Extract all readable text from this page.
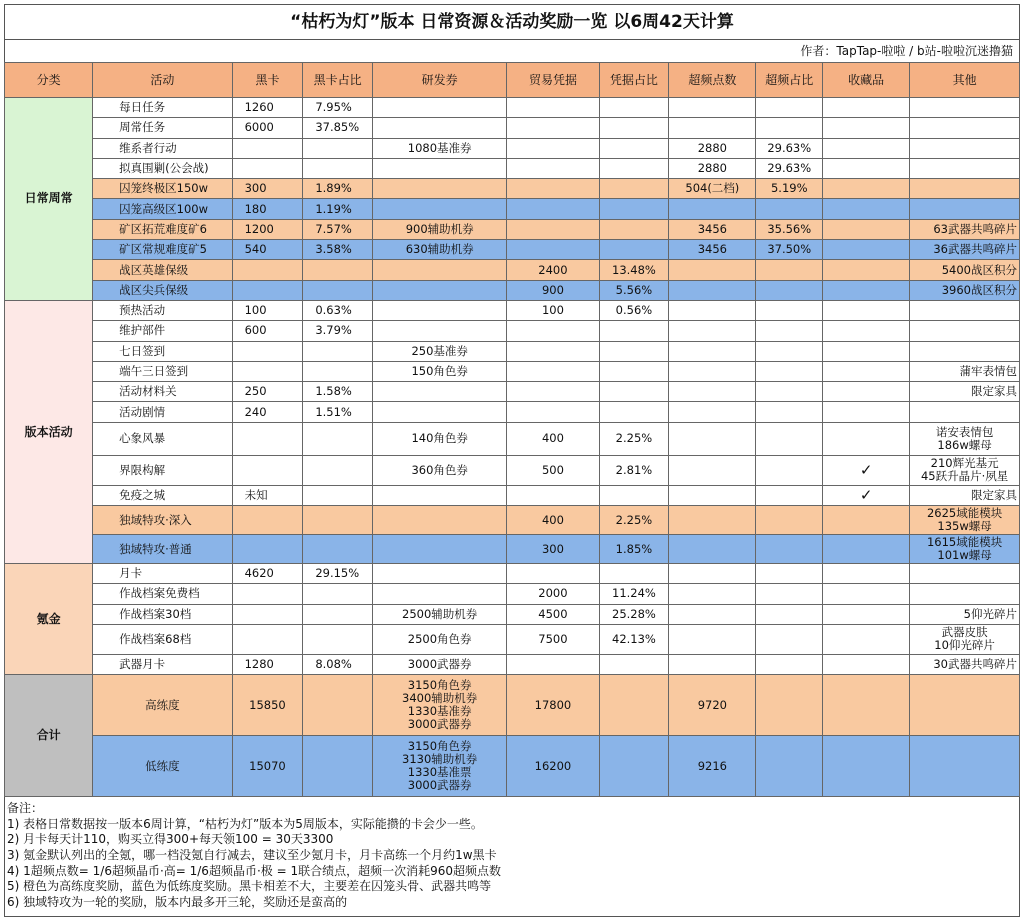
“枯朽为灯”版本 日常资源＆活动奖励一览 以6周42天计算
作者：TapTap-啦啦 / b站-啦啦沉迷撸猫
分类	活动	黑卡	黑卡占比	研发券	贸易凭据	凭据占比	超频点数	超频占比	收藏品	其他
日常周常	每日任务	1260	7.95%							
	周常任务	6000	37.85%							
	维系者行动			1080基准券			2880	29.63%		
	拟真围剿(公会战)						2880	29.63%		
	囚笼终极区150w	300	1.89%				504(二档)	5.19%		
	囚笼高级区100w	180	1.19%							
	矿区拓荒难度矿6	1200	7.57%	900辅助机券			3456	35.56%		63武器共鸣碎片
	矿区常规难度矿5	540	3.58%	630辅助机券			3456	37.50%		36武器共鸣碎片
	战区英雄保级				2400	13.48%				5400战区积分
	战区尖兵保级				900	5.56%				3960战区积分
版本活动	预热活动	100	0.63%		100	0.56%				
	维护部件	600	3.79%							
	七日签到			250基准券						
	端午三日签到			150角色券						蒲牢表情包
	活动材料关	250	1.58%							限定家具
	活动剧情	240	1.51%							
	心象风暴			140角色券	400	2.25%				诺安表情包
186w螺母

	界限构解			360角色券	500	2.81%			✓	210辉光基元
45跃升晶片·夙星

	免疫之城	未知							✓	限定家具
	独域特攻·深入				400	2.25%				2625域能模块
135w螺母

	独域特攻·普通				300	1.85%				1615域能模块
101w螺母

氪金	月卡	4620	29.15%							
	作战档案免费档				2000	11.24%				
	作战档案30档			2500辅助机券	4500	25.28%				5仰光碎片
	作战档案68档			2500角色券	7500	42.13%				武器皮肤
10仰光碎片

	武器月卡	1280	8.08%	3000武器券						30武器共鸣碎片
合计	高练度	15850		3150角色券
3400辅助机券
1330基准券
3000武器券	17800		9720			
	低练度	15070		3150角色券
3130辅助机券
1330基准票
3000武器券	16200		9216			
备注：
1) 表格日常数据按一版本6周计算，“枯朽为灯”版本为5周版本，实际能攒的卡会少一些。
2) 月卡每天计110，购买立得300+每天领100 = 30天3300
3) 氪金默认列出的全氪，哪一档没氪自行减去，建议至少氪月卡，月卡高练一个月约1w黑卡
4) 1超频点数= 1/6超频晶币·高= 1/6超频晶币·极 = 1联合绩点，超频一次消耗960超频点数
5) 橙色为高练度奖励，蓝色为低练度奖励。黑卡相差不大，主要差在囚笼头骨、武器共鸣等
6) 独域特攻为一轮的奖励，版本内最多开三轮，奖励还是蛮高的
